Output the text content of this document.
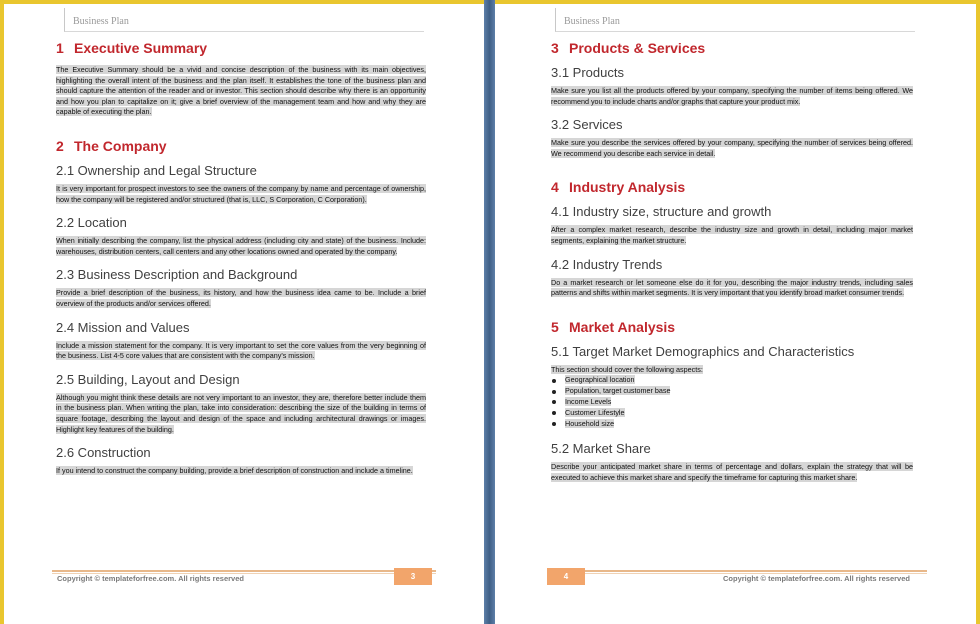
Business Plan
1 Executive Summary

The Executive Summary should be a vivid and concise description of the business with its main objectives, highlighting the overall intent of the business and the plan itself. It establishes the tone of the business plan and should capture the attention of the reader and or investor. This section should describe why there is an opportunity and how you plan to capitalize on it; give a brief overview of the management team and how and why they are capable of executing the plan.

2 The Company
2.1 Ownership and Legal Structure

It is very important for prospect investors to see the owners of the company by name and percentage of ownership, how the company will be registered and/or structured (that is, LLC, S Corporation, C Corporation).

2.2 Location

When initially describing the company, list the physical address (including city and state) of the business. Include: warehouses, distribution centers, call centers and any other locations owned and operated by the company.

2.3 Business Description and Background

Provide a brief description of the business, its history, and how the business idea came to be. Include a brief overview of the products and/or services offered.

2.4 Mission and Values

Include a mission statement for the company. It is very important to set the core values from the very beginning of the business. List 4-5 core values that are consistent with the company's mission.

2.5 Building, Layout and Design

Although you might think these details are not very important to an investor, they are, therefore better include them in the business plan. When writing the plan, take into consideration: describing the size of the building in terms of square footage, describing the layout and design of the space and including architectural drawings or images. Highlight key features of the building.

2.6 Construction

If you intend to construct the company building, provide a brief description of construction and include a timeline.

Copyright © templateforfree.com. All rights reserved	3
Business Plan
3 Products & Services
3.1 Products

Make sure you list all the products offered by your company, specifying the number of items being offered. We recommend you to include charts and/or graphs that capture your product mix.

3.2 Services

Make sure you describe the services offered by your company, specifying the number of services being offered. We recommend you describe each service in detail.

4 Industry Analysis
4.1 Industry size, structure and growth

After a complex market research, describe the industry size and growth in detail, including major market segments, explaining the market structure.

4.2 Industry Trends

Do a market research or let someone else do it for you, describing the major industry trends, including sales patterns and shifts within market segments. It is very important that you identify broad market consumer trends.

5 Market Analysis
5.1 Target Market Demographics and Characteristics

This section should cover the following aspects:

Geographical location
Population, target customer base
Income Levels
Customer Lifestyle
Household size
5.2 Market Share

Describe your anticipated market share in terms of percentage and dollars, explain the strategy that will be executed to achieve this market share and specify the timeframe for capturing this market share.

4	Copyright © templateforfree.com. All rights reserved
